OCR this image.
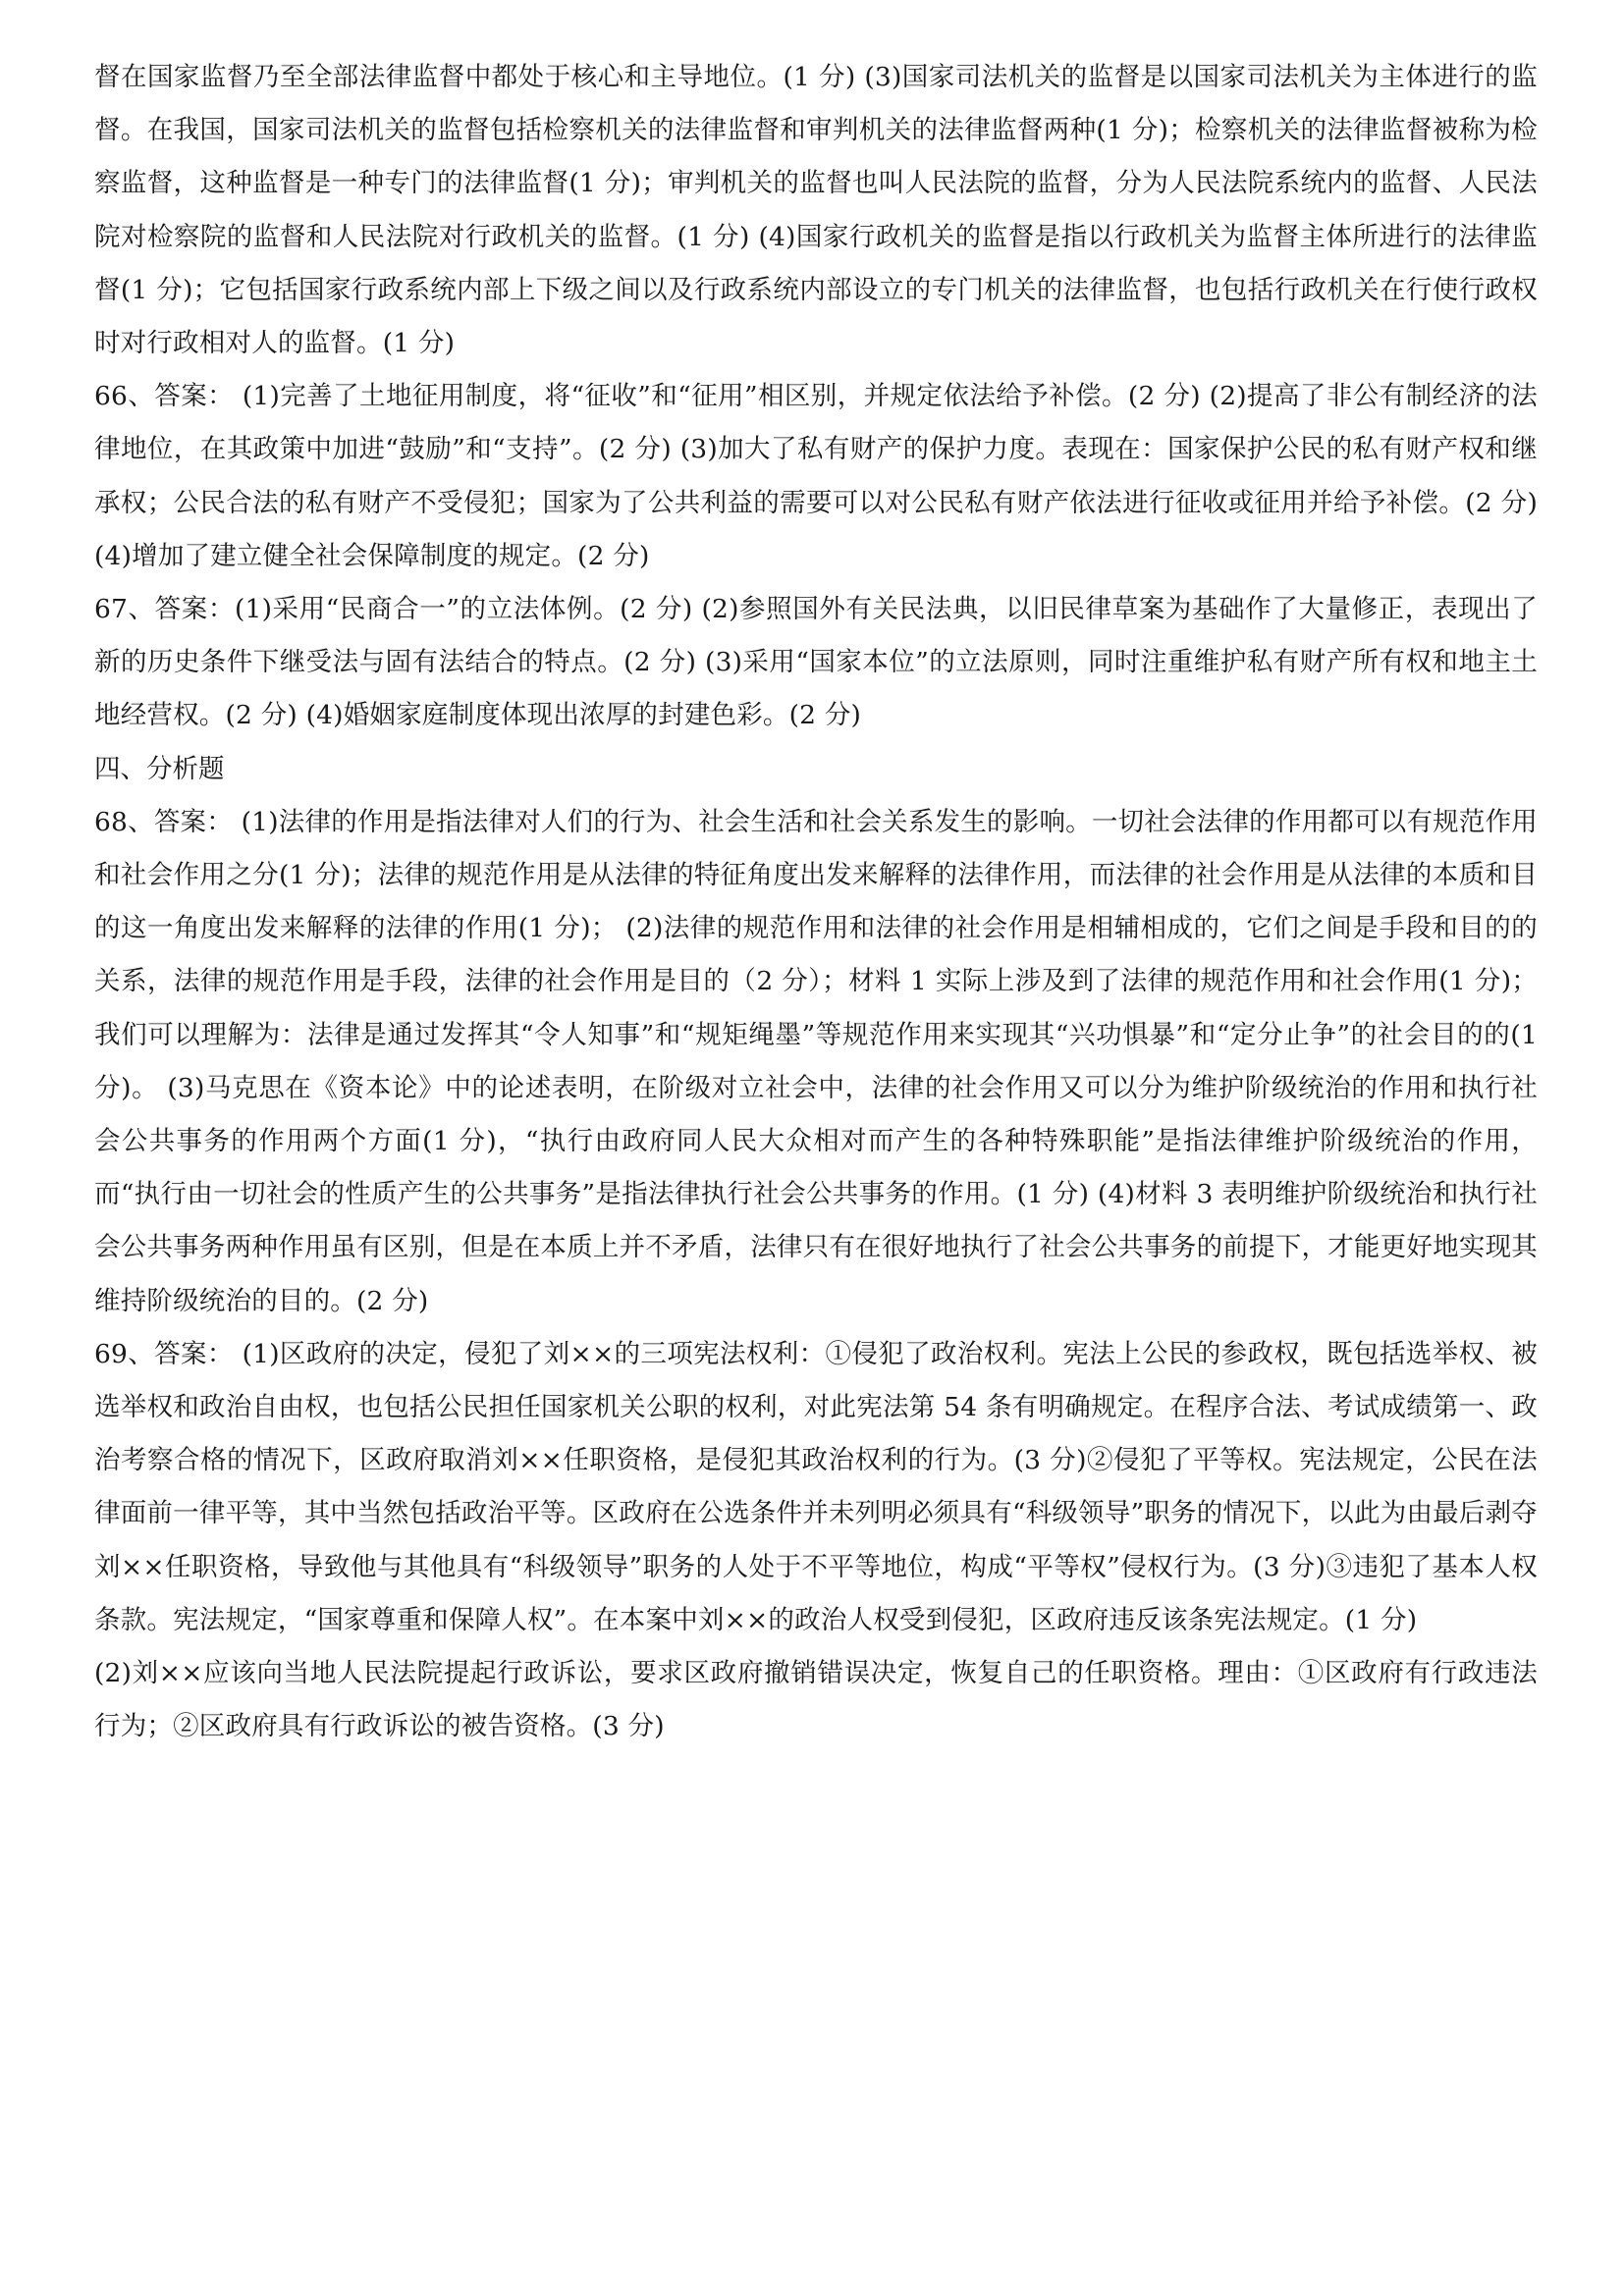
督在国家监督乃至全部法律监督中都处于核心和主导地位。(1 分) (3)国家司法机关的监督是以国家司法机关为主体进行的监督。在我国，国家司法机关的监督包括检察机关的法律监督和审判机关的法律监督两种(1 分)；检察机关的法律监督被称为检察监督，这种监督是一种专门的法律监督(1 分)；审判机关的监督也叫人民法院的监督，分为人民法院系统内的监督、人民法院对检察院的监督和人民法院对行政机关的监督。(1 分) (4)国家行政机关的监督是指以行政机关为监督主体所进行的法律监督(1 分)；它包括国家行政系统内部上下级之间以及行政系统内部设立的专门机关的法律监督，也包括行政机关在行使行政权时对行政相对人的监督。(1 分)

66、答案： (1)完善了土地征用制度，将“征收”和“征用”相区别，并规定依法给予补偿。(2 分) (2)提高了非公有制经济的法律地位，在其政策中加进“鼓励”和“支持”。(2 分) (3)加大了私有财产的保护力度。表现在：国家保护公民的私有财产权和继承权；公民合法的私有财产不受侵犯；国家为了公共利益的需要可以对公民私有财产依法进行征收或征用并给予补偿。(2 分) (4)增加了建立健全社会保障制度的规定。(2 分)

67、答案：(1)采用“民商合一”的立法体例。(2 分) (2)参照国外有关民法典，以旧民律草案为基础作了大量修正，表现出了新的历史条件下继受法与固有法结合的特点。(2 分) (3)采用“国家本位”的立法原则，同时注重维护私有财产所有权和地主土地经营权。(2 分) (4)婚姻家庭制度体现出浓厚的封建色彩。(2 分)

四、分析题

68、答案： (1)法律的作用是指法律对人们的行为、社会生活和社会关系发生的影响。一切社会法律的作用都可以有规范作用和社会作用之分(1 分)；法律的规范作用是从法律的特征角度出发来解释的法律作用，而法律的社会作用是从法律的本质和目的这一角度出发来解释的法律的作用(1 分)； (2)法律的规范作用和法律的社会作用是相辅相成的，它们之间是手段和目的的关系，法律的规范作用是手段，法律的社会作用是目的（2 分）；材料 1 实际上涉及到了法律的规范作用和社会作用(1 分)；我们可以理解为：法律是通过发挥其“令人知事”和“规矩绳墨”等规范作用来实现其“兴功惧暴”和“定分止争”的社会目的的(1 分)。 (3)马克思在《资本论》中的论述表明，在阶级对立社会中，法律的社会作用又可以分为维护阶级统治的作用和执行社会公共事务的作用两个方面(1 分)，“执行由政府同人民大众相对而产生的各种特殊职能”是指法律维护阶级统治的作用，而“执行由一切社会的性质产生的公共事务”是指法律执行社会公共事务的作用。(1 分) (4)材料 3 表明维护阶级统治和执行社会公共事务两种作用虽有区别，但是在本质上并不矛盾，法律只有在很好地执行了社会公共事务的前提下，才能更好地实现其维持阶级统治的目的。(2 分)

69、答案： (1)区政府的决定，侵犯了刘××的三项宪法权利：①侵犯了政治权利。宪法上公民的参政权，既包括选举权、被选举权和政治自由权，也包括公民担任国家机关公职的权利，对此宪法第 54 条有明确规定。在程序合法、考试成绩第一、政治考察合格的情况下，区政府取消刘××任职资格，是侵犯其政治权利的行为。(3 分)②侵犯了平等权。宪法规定，公民在法律面前一律平等，其中当然包括政治平等。区政府在公选条件并未列明必须具有“科级领导”职务的情况下，以此为由最后剥夺刘××任职资格，导致他与其他具有“科级领导”职务的人处于不平等地位，构成“平等权”侵权行为。(3 分)③违犯了基本人权条款。宪法规定，“国家尊重和保障人权”。在本案中刘××的政治人权受到侵犯，区政府违反该条宪法规定。(1 分)

(2)刘××应该向当地人民法院提起行政诉讼，要求区政府撤销错误决定，恢复自己的任职资格。理由：①区政府有行政违法行为；②区政府具有行政诉讼的被告资格。(3 分)
